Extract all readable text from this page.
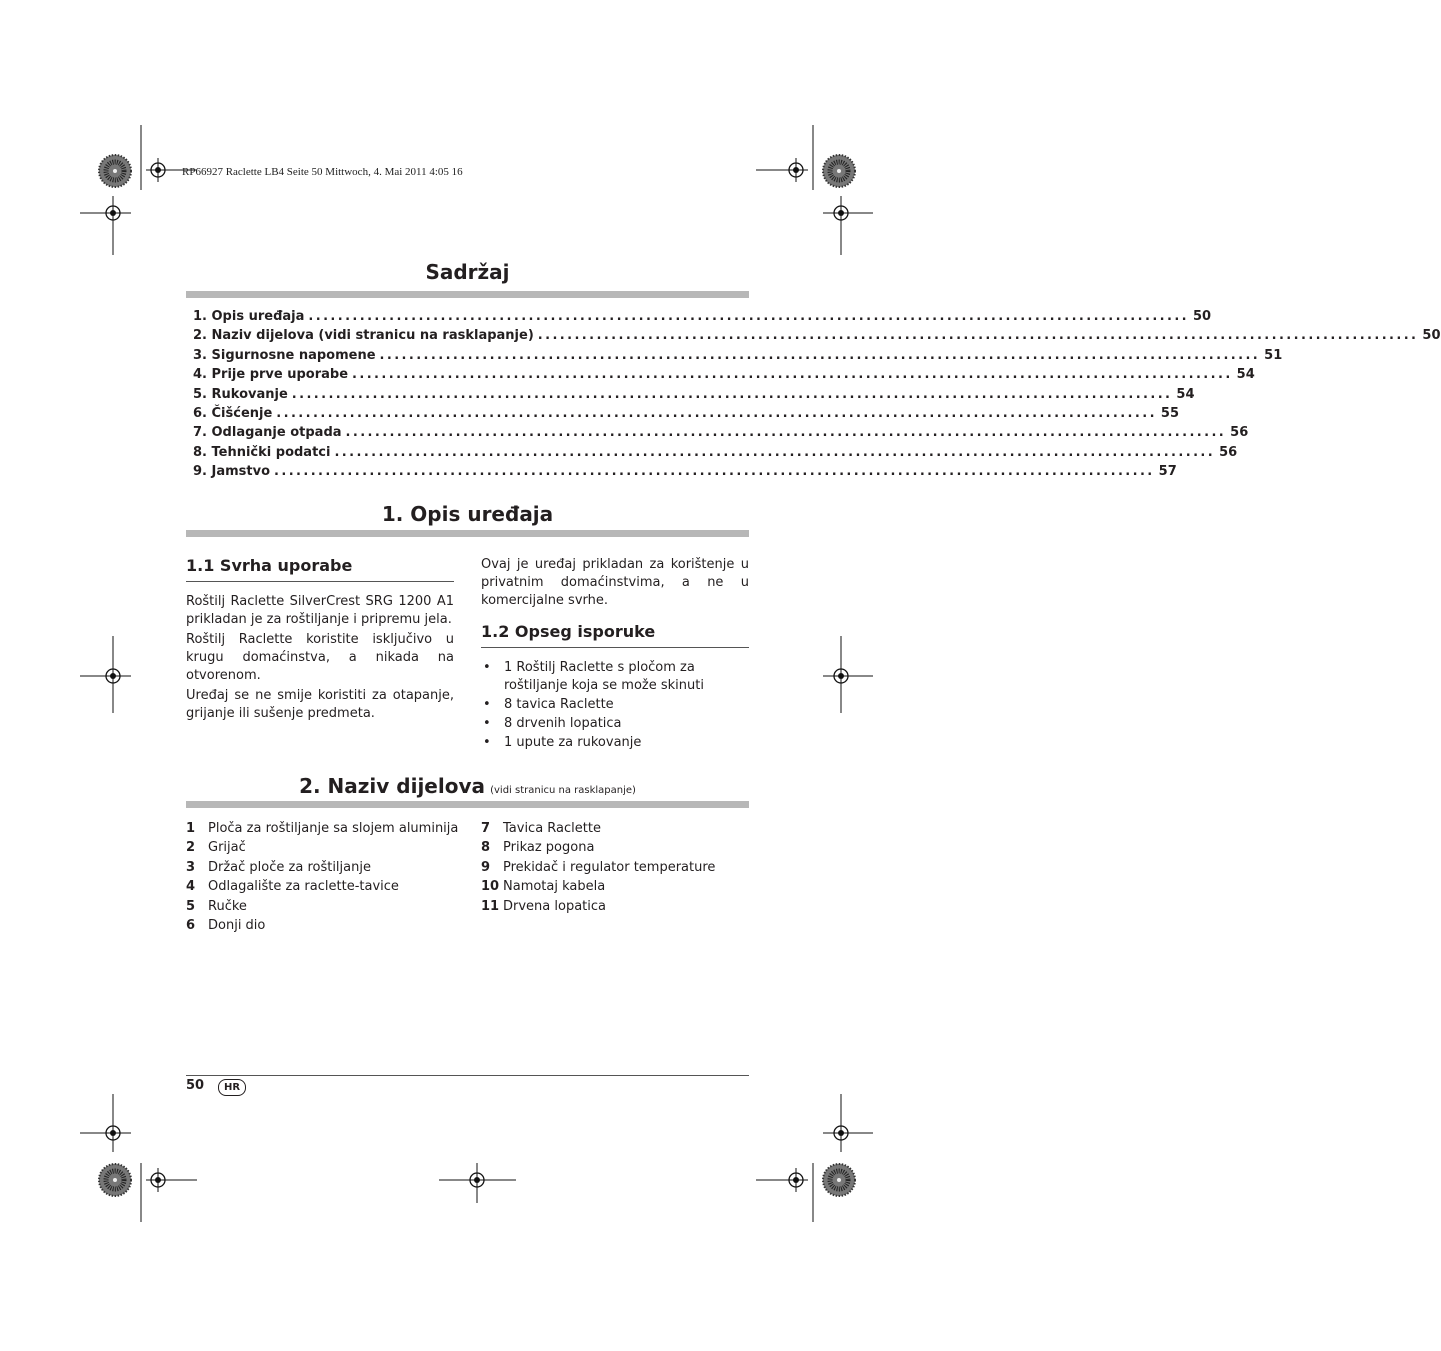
RP66927 Raclette LB4 Seite 50 Mittwoch, 4. Mai 2011 4:05 16
Sadržaj
1. Opis uređaja ........................................................................................................................ 50
2. Naziv dijelova (vidi stranicu na rasklapanje) ........................................................................................................................ 50
3. Sigurnosne napomene ........................................................................................................................ 51
4. Prije prve uporabe ........................................................................................................................ 54
5. Rukovanje ........................................................................................................................ 54
6. Čišćenje ........................................................................................................................ 55
7. Odlaganje otpada ........................................................................................................................ 56
8. Tehnički podatci ........................................................................................................................ 56
9. Jamstvo ........................................................................................................................ 57
1. Opis uređaja
1.1 Svrha uporabe

Roštilj Raclette SilverCrest SRG 1200 A1 prikladan je za roštiljanje i pripremu jela.

Roštilj Raclette koristite isključivo u krugu domaćinstva, a nikada na otvorenom.

Uređaj se ne smije koristiti za otapanje, grijanje ili sušenje predmeta.

Ovaj je uređaj prikladan za korištenje u privatnim domaćinstvima, a ne u komercijalne svrhe.

1.2 Opseg isporuke
• 1 Roštilj Raclette s pločom za roštiljanje koja se može skinuti
• 8 tavica Raclette
• 8 drvenih lopatica
• 1 upute za rukovanje
2. Naziv dijelova (vidi stranicu na rasklapanje)
1 Ploča za roštiljanje sa slojem aluminija
2 Grijač
3 Držač ploče za roštiljanje
4 Odlagalište za raclette-tavice
5 Ručke
6 Donji dio
7 Tavica Raclette
8 Prikaz pogona
9 Prekidač i regulator temperature
10 Namotaj kabela
11 Drvena lopatica
50	HR
